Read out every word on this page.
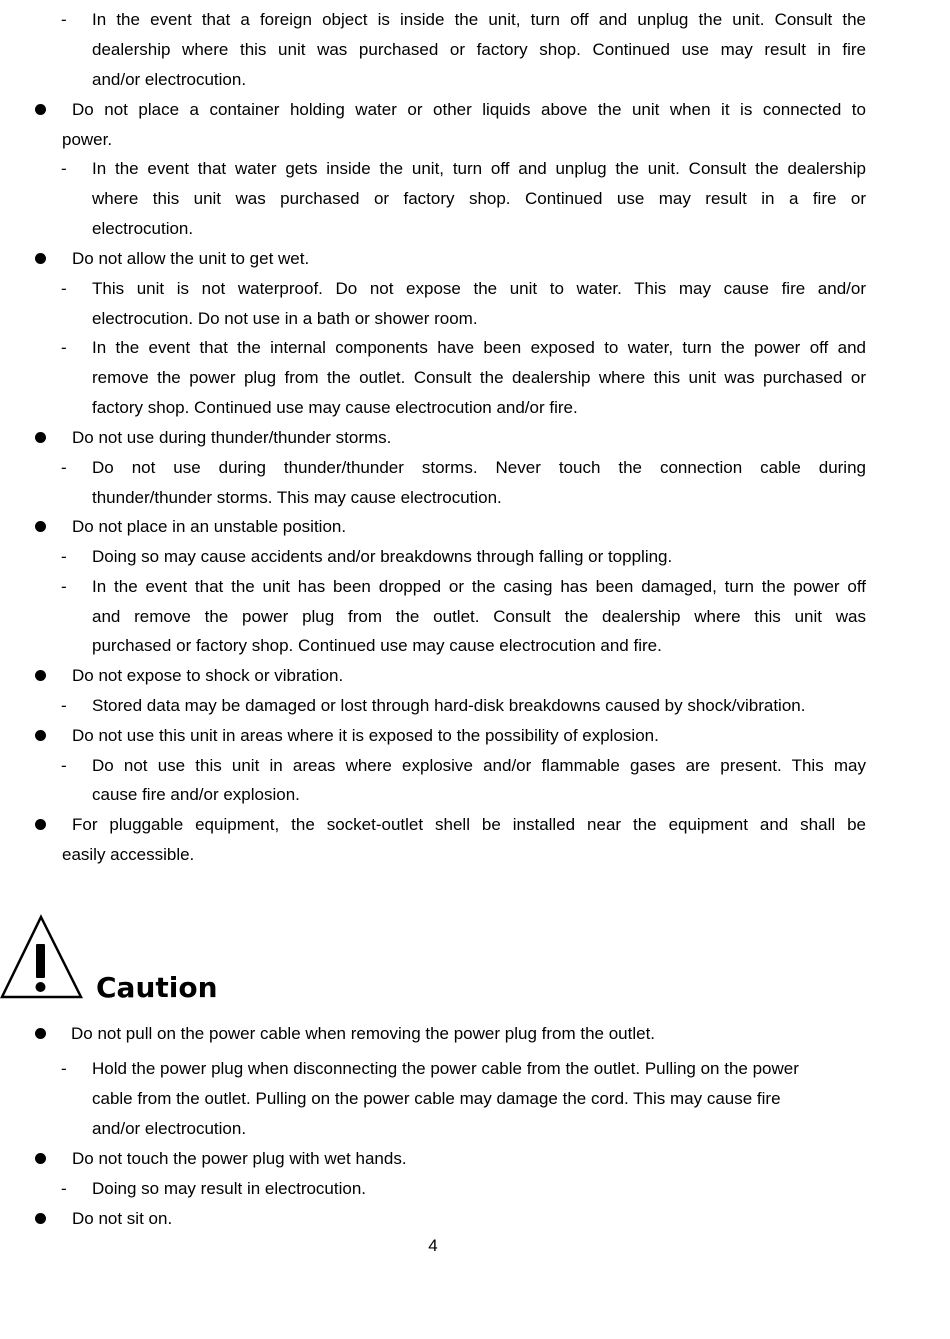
- In the event that a foreign object is inside the unit, turn off and unplug the unit. Consult the
dealership where this unit was purchased or factory shop. Continued use may result in fire
and/or electrocution.
Do not place a container holding water or other liquids above the unit when it is connected to
power.
- In the event that water gets inside the unit, turn off and unplug the unit. Consult the dealership
where this unit was purchased or factory shop. Continued use may result in a fire or
electrocution.
Do not allow the unit to get wet.
- This unit is not waterproof. Do not expose the unit to water. This may cause fire and/or
electrocution. Do not use in a bath or shower room.
- In the event that the internal components have been exposed to water, turn the power off and
remove the power plug from the outlet. Consult the dealership where this unit was purchased or
factory shop. Continued use may cause electrocution and/or fire.
Do not use during thunder/thunder storms.
- Do not use during thunder/thunder storms. Never touch the connection cable during
thunder/thunder storms. This may cause electrocution.
Do not place in an unstable position.
- Doing so may cause accidents and/or breakdowns through falling or toppling.
- In the event that the unit has been dropped or the casing has been damaged, turn the power off
and remove the power plug from the outlet. Consult the dealership where this unit was
purchased or factory shop. Continued use may cause electrocution and fire.
Do not expose to shock or vibration.
- Stored data may be damaged or lost through hard-disk breakdowns caused by shock/vibration.
Do not use this unit in areas where it is exposed to the possibility of explosion.
- Do not use this unit in areas where explosive and/or flammable gases are present. This may
cause fire and/or explosion.
For pluggable equipment, the socket-outlet shell be installed near the equipment and shall be
easily accessible.
Caution
Do not pull on the power cable when removing the power plug from the outlet.
- Hold the power plug when disconnecting the power cable from the outlet. Pulling on the power
cable from the outlet. Pulling on the power cable may damage the cord. This may cause fire
and/or electrocution.
Do not touch the power plug with wet hands.
- Doing so may result in electrocution.
Do not sit on.
4
